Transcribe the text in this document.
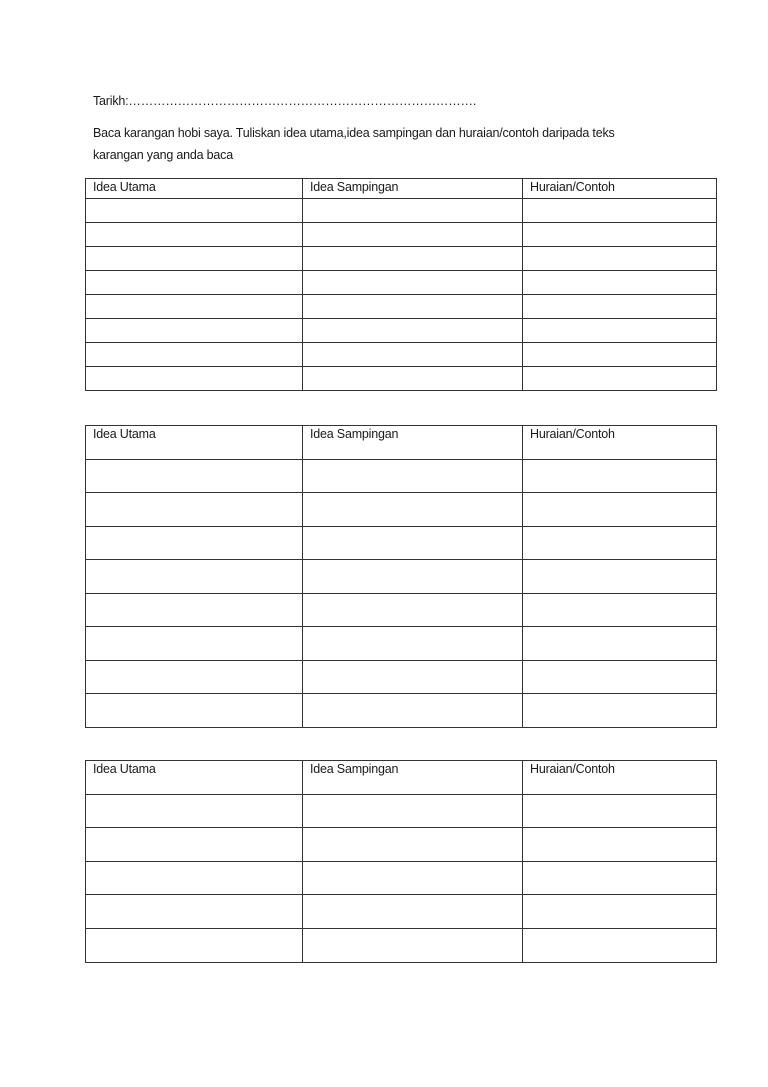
Tarikh:………………………………………………………………………….
Baca karangan hobi saya. Tuliskan idea utama,idea sampingan dan huraian/contoh daripada teks
karangan yang anda baca
Idea Utama	Idea Sampingan	Huraian/Contoh

Idea Utama	Idea Sampingan	Huraian/Contoh

Idea Utama	Idea Sampingan	Huraian/Contoh
